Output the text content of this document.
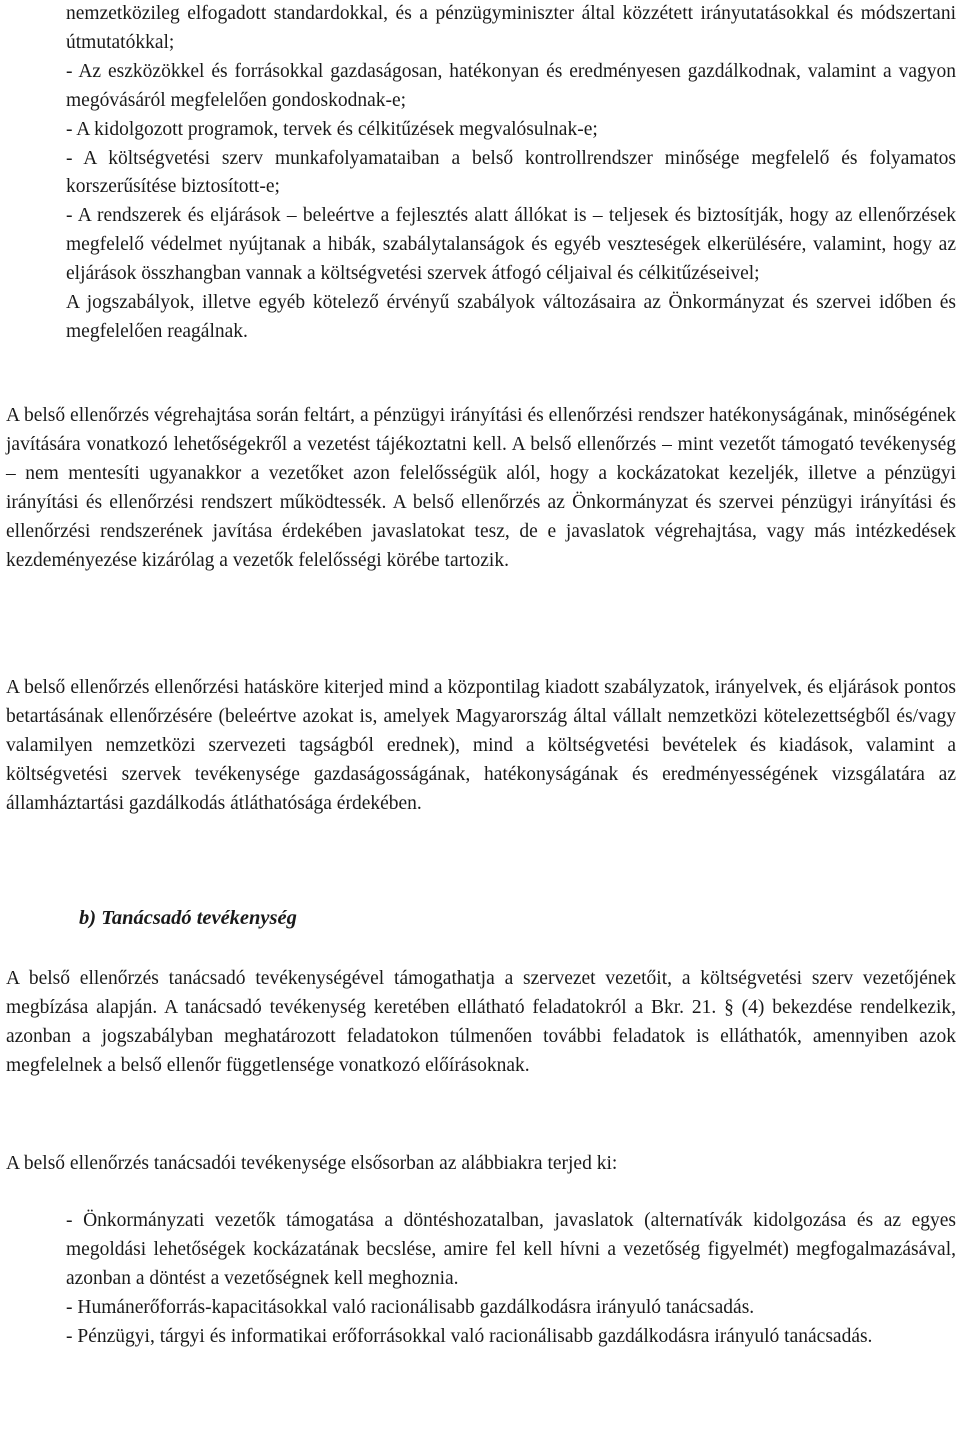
nemzetközileg elfogadott standardokkal, és a pénzügyminiszter által közzétett irányutatásokkal és módszertani útmutatókkal;

- Az eszközökkel és forrásokkal gazdaságosan, hatékonyan és eredményesen gazdálkodnak, valamint a vagyon megóvásáról megfelelően gondoskodnak-e;

- A kidolgozott programok, tervek és célkitűzések megvalósulnak-e;

- A költségvetési szerv munkafolyamataiban a belső kontrollrendszer minősége megfelelő és folyamatos korszerűsítése biztosított-e;

- A rendszerek és eljárások – beleértve a fejlesztés alatt állókat is – teljesek és biztosítják, hogy az ellenőrzések megfelelő védelmet nyújtanak a hibák, szabálytalanságok és egyéb veszteségek elkerülésére, valamint, hogy az eljárások összhangban vannak a költségvetési szervek átfogó céljaival és célkitűzéseivel;

A jogszabályok, illetve egyéb kötelező érvényű szabályok változásaira az Önkormányzat és szervei időben és megfelelően reagálnak.

A belső ellenőrzés végrehajtása során feltárt, a pénzügyi irányítási és ellenőrzési rendszer hatékonyságának, minőségének javítására vonatkozó lehetőségekről a vezetést tájékoztatni kell. A belső ellenőrzés – mint vezetőt támogató tevékenység – nem mentesíti ugyanakkor a vezetőket azon felelősségük alól, hogy a kockázatokat kezeljék, illetve a pénzügyi irányítási és ellenőrzési rendszert működtessék. A belső ellenőrzés az Önkormányzat és szervei pénzügyi irányítási és ellenőrzési rendszerének javítása érdekében javaslatokat tesz, de e javaslatok végrehajtása, vagy más intézkedések kezdeményezése kizárólag a vezetők felelősségi körébe tartozik.

A belső ellenőrzés ellenőrzési hatásköre kiterjed mind a központilag kiadott szabályzatok, irányelvek, és eljárások pontos betartásának ellenőrzésére (beleértve azokat is, amelyek Magyarország által vállalt nemzetközi kötelezettségből és/vagy valamilyen nemzetközi szervezeti tagságból erednek), mind a költségvetési bevételek és kiadások, valamint a költségvetési szervek tevékenysége gazdaságosságának, hatékonyságának és eredményességének vizsgálatára az államháztartási gazdálkodás átláthatósága érdekében.

b) Tanácsadó tevékenység

A belső ellenőrzés tanácsadó tevékenységével támogathatja a szervezet vezetőit, a költségvetési szerv vezetőjének megbízása alapján. A tanácsadó tevékenység keretében ellátható feladatokról a Bkr. 21. § (4) bekezdése rendelkezik, azonban a jogszabályban meghatározott feladatokon túlmenően további feladatok is elláthatók, amennyiben azok megfelelnek a belső ellenőr függetlensége vonatkozó előírásoknak.

A belső ellenőrzés tanácsadói tevékenysége elsősorban az alábbiakra terjed ki:

- Önkormányzati vezetők támogatása a döntéshozatalban, javaslatok (alternatívák kidolgozása és az egyes megoldási lehetőségek kockázatának becslése, amire fel kell hívni a vezetőség figyelmét) megfogalmazásával, azonban a döntést a vezetőségnek kell meghoznia.

- Humánerőforrás-kapacitásokkal való racionálisabb gazdálkodásra irányuló tanácsadás.

- Pénzügyi, tárgyi és informatikai erőforrásokkal való racionálisabb gazdálkodásra irányuló tanácsadás.
